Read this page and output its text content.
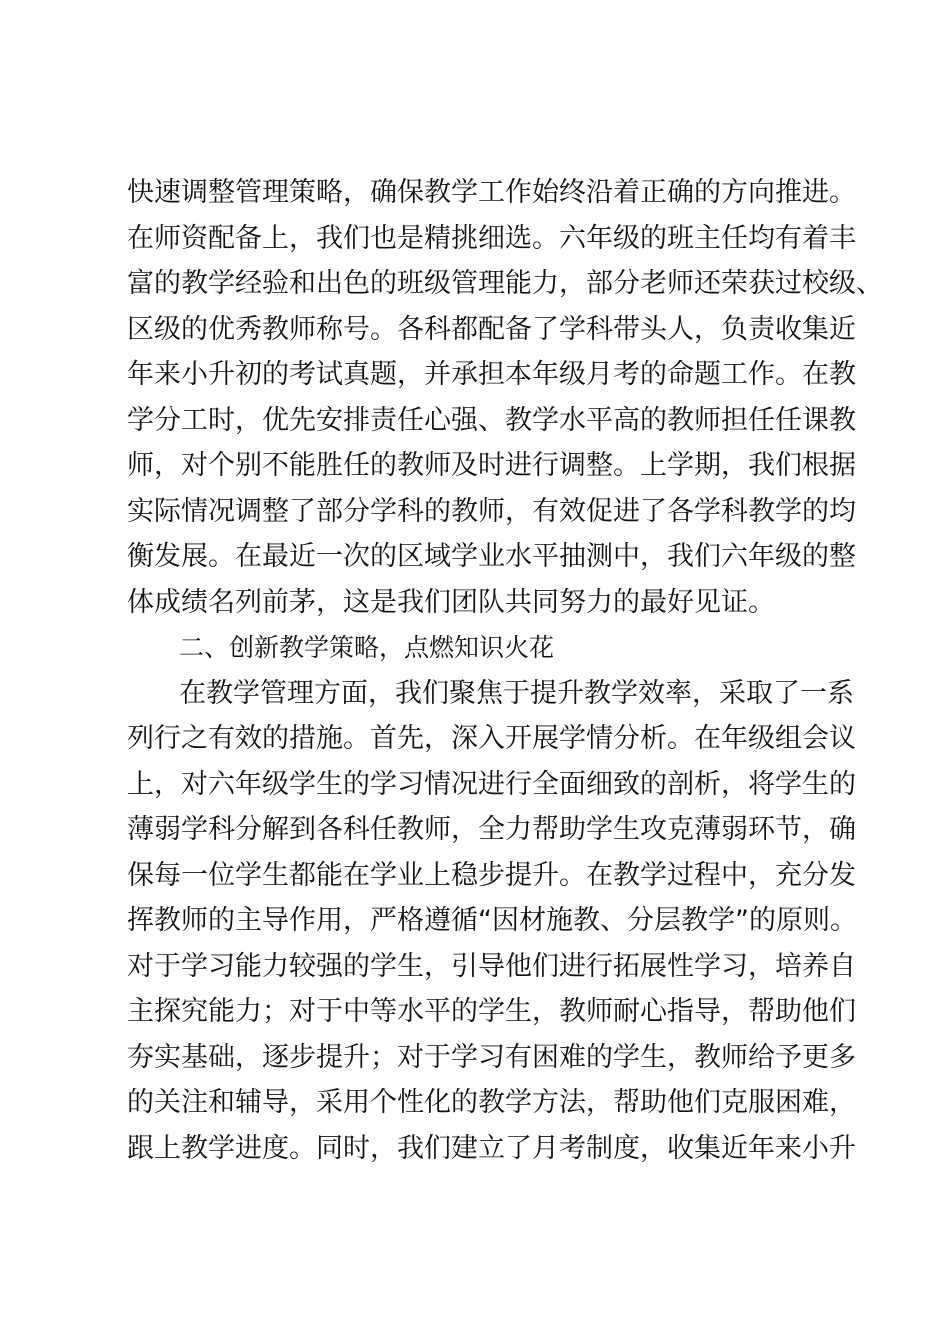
快速调整管理策略，确保教学工作始终沿着正确的方向推进。
在师资配备上，我们也是精挑细选。六年级的班主任均有着丰
富的教学经验和出色的班级管理能力，部分老师还荣获过校级、
区级的优秀教师称号。各科都配备了学科带头人，负责收集近
年来小升初的考试真题，并承担本年级月考的命题工作。在教
学分工时，优先安排责任心强、教学水平高的教师担任任课教
师，对个别不能胜任的教师及时进行调整。上学期，我们根据
实际情况调整了部分学科的教师，有效促进了各学科教学的均
衡发展。在最近一次的区域学业水平抽测中，我们六年级的整
体成绩名列前茅，这是我们团队共同努力的最好见证。
二、创新教学策略，点燃知识火花
在教学管理方面，我们聚焦于提升教学效率，采取了一系
列行之有效的措施。首先，深入开展学情分析。在年级组会议
上，对六年级学生的学习情况进行全面细致的剖析，将学生的
薄弱学科分解到各科任教师，全力帮助学生攻克薄弱环节，确
保每一位学生都能在学业上稳步提升。在教学过程中，充分发
挥教师的主导作用，严格遵循“因材施教、分层教学”的原则。
对于学习能力较强的学生，引导他们进行拓展性学习，培养自
主探究能力；对于中等水平的学生，教师耐心指导，帮助他们
夯实基础，逐步提升；对于学习有困难的学生，教师给予更多
的关注和辅导，采用个性化的教学方法，帮助他们克服困难，
跟上教学进度。同时，我们建立了月考制度，收集近年来小升
